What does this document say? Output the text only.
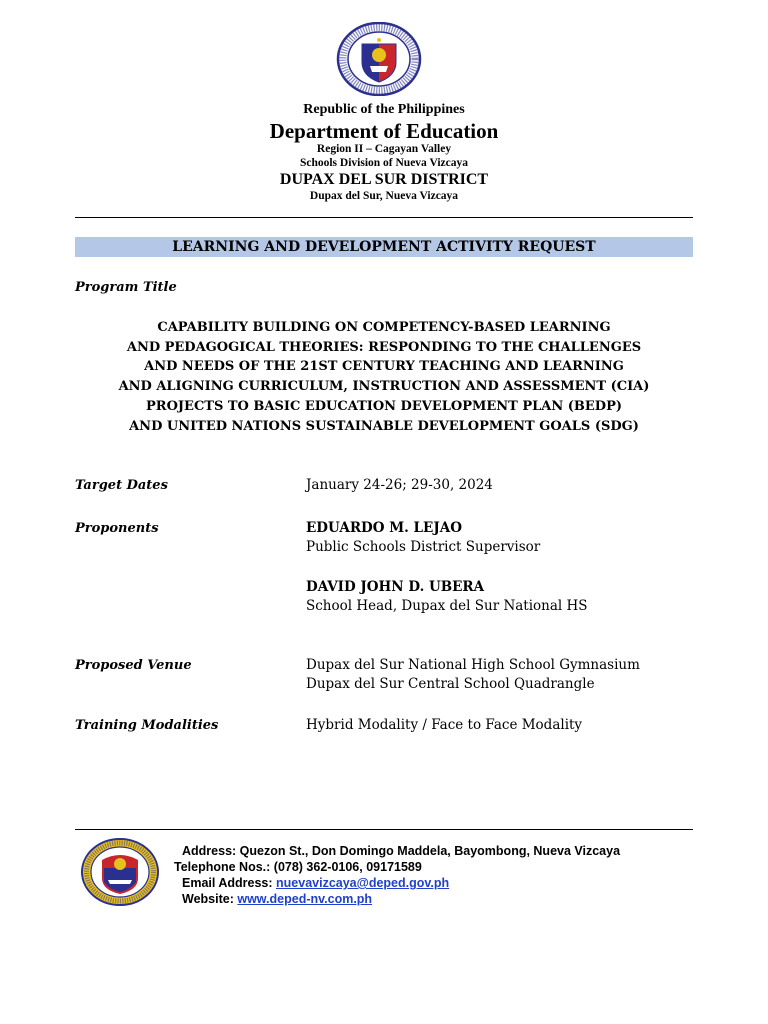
Republic of the Philippines
Department of Education
Region II – Cagayan Valley
Schools Division of Nueva Vizcaya
DUPAX DEL SUR DISTRICT
Dupax del Sur, Nueva Vizcaya
LEARNING AND DEVELOPMENT ACTIVITY REQUEST
Program Title
CAPABILITY BUILDING ON COMPETENCY-BASED LEARNING
AND PEDAGOGICAL THEORIES: RESPONDING TO THE CHALLENGES
AND NEEDS OF THE 21ST CENTURY TEACHING AND LEARNING
AND ALIGNING CURRICULUM, INSTRUCTION AND ASSESSMENT (CIA)
PROJECTS TO BASIC EDUCATION DEVELOPMENT PLAN (BEDP)
AND UNITED NATIONS SUSTAINABLE DEVELOPMENT GOALS (SDG)
Target Dates	January 24-26; 29-30, 2024
Proponents	EDUARDO M. LEJAO
Public Schools District Supervisor
DAVID JOHN D. UBERA
School Head, Dupax del Sur National HS
Proposed Venue	Dupax del Sur National High School Gymnasium
Dupax del Sur Central School Quadrangle
Training Modalities	Hybrid Modality / Face to Face Modality
Address: Quezon St., Don Domingo Maddela, Bayombong, Nueva Vizcaya
Telephone Nos.: (078) 362-0106, 09171589
Email Address: nuevavizcaya@deped.gov.ph
Website: www.deped-nv.com.ph
